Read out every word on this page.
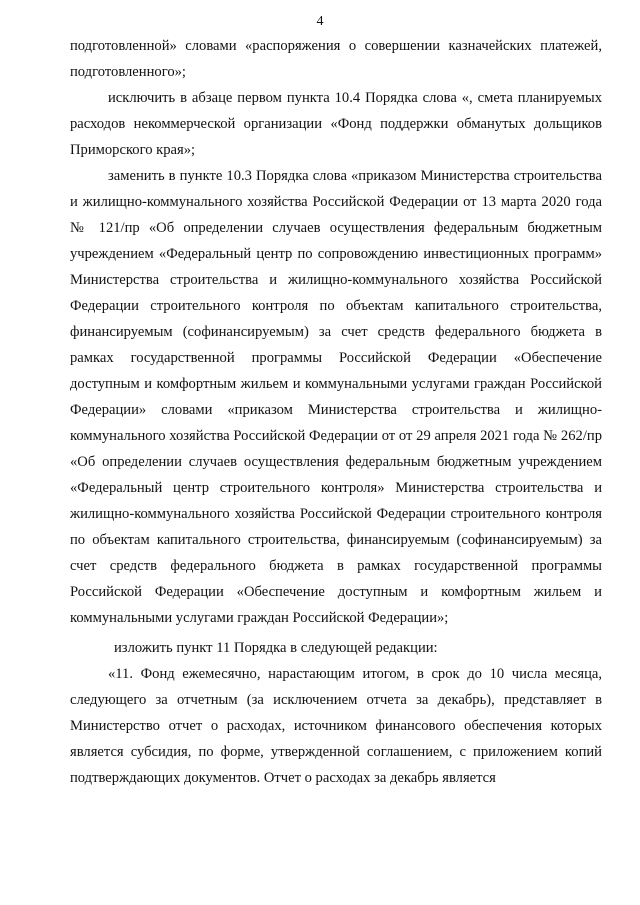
4

подготовленной» словами «распоряжения о совершении казначейских платежей, подготовленного»;

исключить в абзаце первом пункта 10.4 Порядка слова «, смета планируемых расходов некоммерческой организации «Фонд поддержки обманутых дольщиков Приморского края»;

заменить в пункте 10.3 Порядка слова «приказом Министерства строительства и жилищно-коммунального хозяйства Российской Федерации от 13 марта 2020 года № 121/пр «Об определении случаев осуществления федеральным бюджетным учреждением «Федеральный центр по сопровождению инвестиционных программ» Министерства строительства и жилищно-коммунального хозяйства Российской Федерации строительного контроля по объектам капитального строительства, финансируемым (софинансируемым) за счет средств федерального бюджета в рамках государственной программы Российской Федерации «Обеспечение доступным и комфортным жильем и коммунальными услугами граждан Российской Федерации» словами «приказом Министерства строительства и жилищно-коммунального хозяйства Российской Федерации от от 29 апреля 2021 года № 262/пр «Об определении случаев осуществления федеральным бюджетным учреждением «Федеральный центр строительного контроля» Министерства строительства и жилищно-коммунального хозяйства Российской Федерации строительного контроля по объектам капитального строительства, финансируемым (софинансируемым) за счет средств федерального бюджета в рамках государственной программы Российской Федерации «Обеспечение доступным и комфортным жильем и коммунальными услугами граждан Российской Федерации»;

изложить пункт 11 Порядка в следующей редакции:

«11. Фонд ежемесячно, нарастающим итогом, в срок до 10 числа месяца, следующего за отчетным (за исключением отчета за декабрь), представляет в Министерство отчет о расходах, источником финансового обеспечения которых является субсидия, по форме, утвержденной соглашением, с приложением копий подтверждающих документов. Отчет о расходах за декабрь является
